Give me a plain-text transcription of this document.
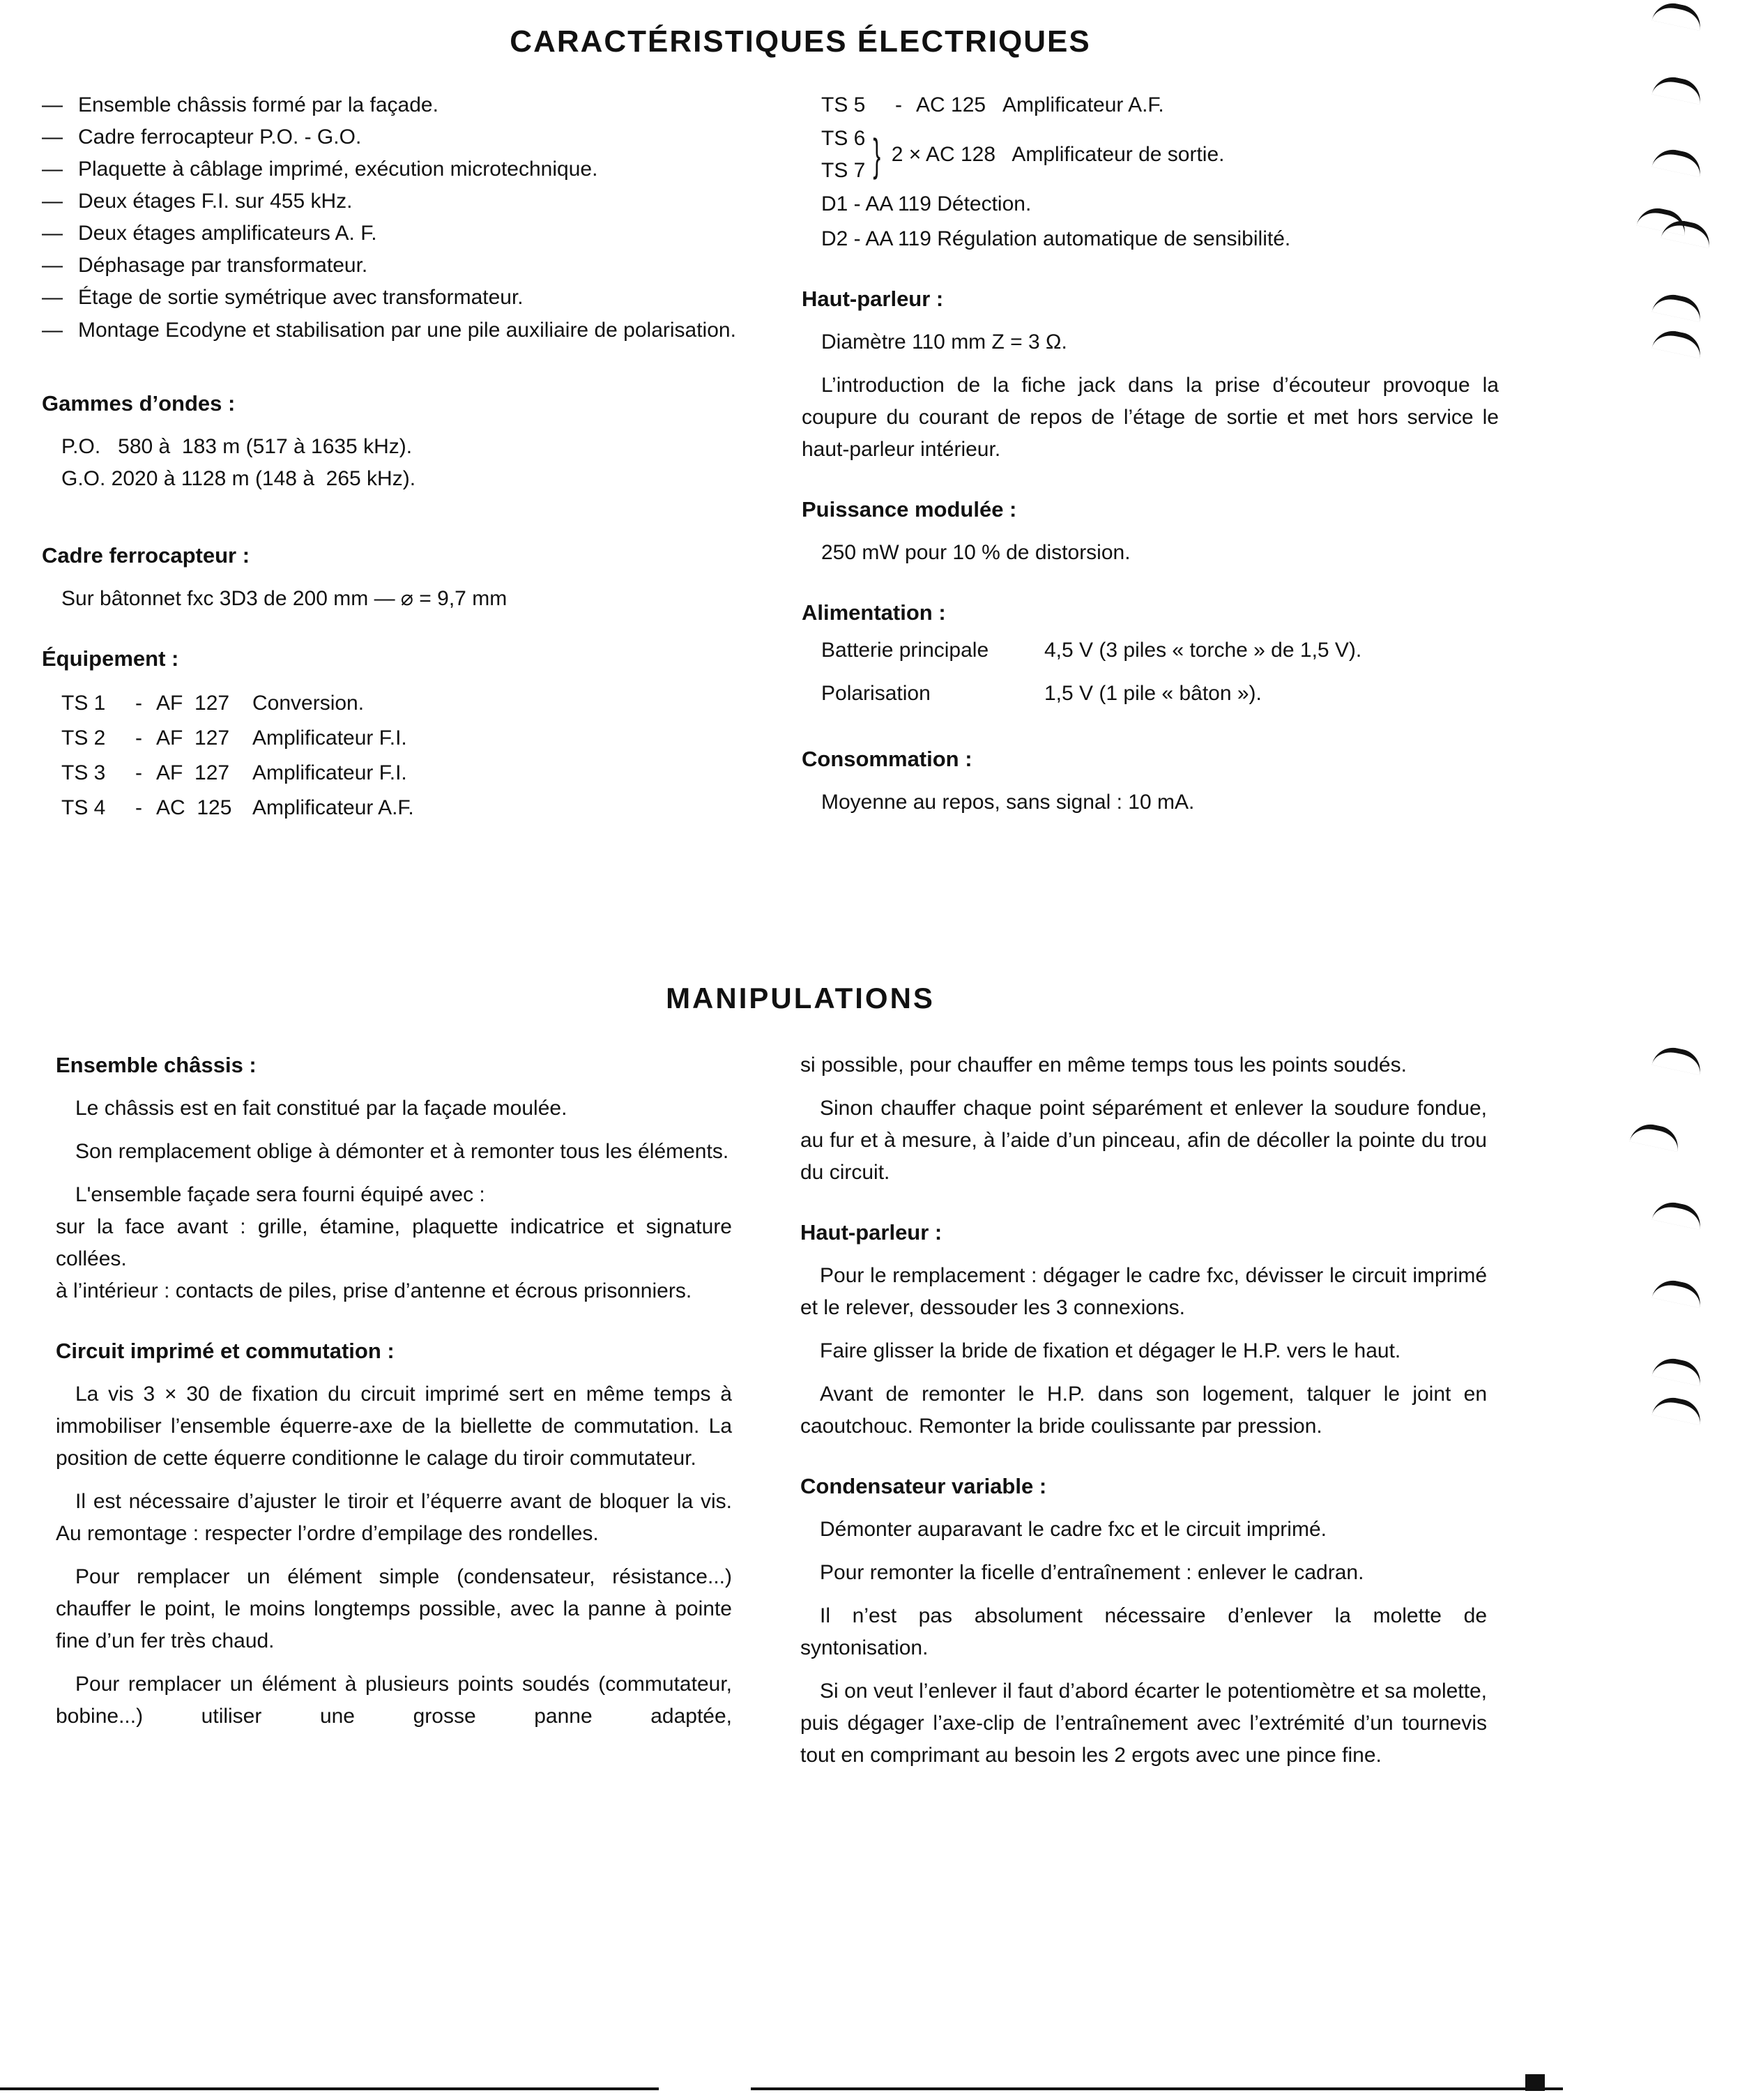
CARACTÉRISTIQUES ÉLECTRIQUES
— Ensemble châssis formé par la façade.
— Cadre ferrocapteur P.O. - G.O.
— Plaquette à câblage imprimé, exécution microtechnique.
— Deux étages F.I. sur 455 kHz.
— Deux étages amplificateurs A. F.
— Déphasage par transformateur.
— Étage de sortie symétrique avec transformateur.
— Montage Ecodyne et stabilisation par une pile auxiliaire de polarisation.
Gammes d’ondes :

P.O.   580 à  183 m (517 à 1635 kHz).

G.O. 2020 à 1128 m (148 à  265 kHz).

Cadre ferrocapteur :

Sur bâtonnet fxc 3D3 de 200 mm — ⌀ = 9,7 mm

Équipement :
TS 1	- AF  127	Conversion.
TS 2	- AF  127	Amplificateur F.I.
TS 3	- AF  127	Amplificateur F.I.
TS 4	- AC  125 Amplificateur A.F.
TS 5	- AC 125 Amplificateur A.F.
TS 6
TS 7 } 2 × AC 128   Amplificateur de sortie.

D1 - AA 119 Détection.

D2 - AA 119 Régulation automatique de sensibilité.

Haut-parleur :

Diamètre 110 mm Z = 3 Ω.

L’introduction de la fiche jack dans la prise d’écouteur provoque la coupure du courant de repos de l’étage de sortie et met hors service le haut-parleur intérieur.

Puissance modulée :

250 mW pour 10 % de distorsion.

Alimentation :
Batterie principale	4,5 V (3 piles « torche » de 1,5 V).
Polarisation	1,5 V (1 pile « bâton »).
Consommation :

Moyenne au repos, sans signal : 10 mA.

MANIPULATIONS
Ensemble châssis :

Le châssis est en fait constitué par la façade moulée.

Son remplacement oblige à démonter et à remonter tous les éléments.

L'ensemble façade sera fourni équipé avec :

sur la face avant : grille, étamine, plaquette indicatrice et signature collées.

à l’intérieur : contacts de piles, prise d’antenne et écrous prisonniers.

Circuit imprimé et commutation :

La vis 3 × 30 de fixation du circuit imprimé sert en même temps à immobiliser l’ensemble équerre-axe de la biellette de commutation. La position de cette équerre conditionne le calage du tiroir commutateur.

Il est nécessaire d’ajuster le tiroir et l’équerre avant de bloquer la vis. Au remontage : respecter l’ordre d’empilage des rondelles.

Pour remplacer un élément simple (condensateur, résistance...) chauffer le point, le moins longtemps possible, avec la panne à pointe fine d’un fer très chaud.

Pour remplacer un élément à plusieurs points soudés (commutateur, bobine...) utiliser une grosse panne adaptée,

si possible, pour chauffer en même temps tous les points soudés.

Sinon chauffer chaque point séparément et enlever la soudure fondue, au fur et à mesure, à l’aide d’un pinceau, afin de décoller la pointe du trou du circuit.

Haut-parleur :

Pour le remplacement : dégager le cadre fxc, dévisser le circuit imprimé et le relever, dessouder les 3 connexions.

Faire glisser la bride de fixation et dégager le H.P. vers le haut.

Avant de remonter le H.P. dans son logement, talquer le joint en caoutchouc. Remonter la bride coulissante par pression.

Condensateur variable :

Démonter auparavant le cadre fxc et le circuit imprimé.

Pour remonter la ficelle d’entraînement : enlever le cadran.

Il n’est pas absolument nécessaire d’enlever la molette de syntonisation.

Si on veut l’enlever il faut d’abord écarter le potentiomètre et sa molette, puis dégager l’axe-clip de l’entraînement avec l’extrémité d’un tournevis tout en comprimant au besoin les 2 ergots avec une pince fine.
